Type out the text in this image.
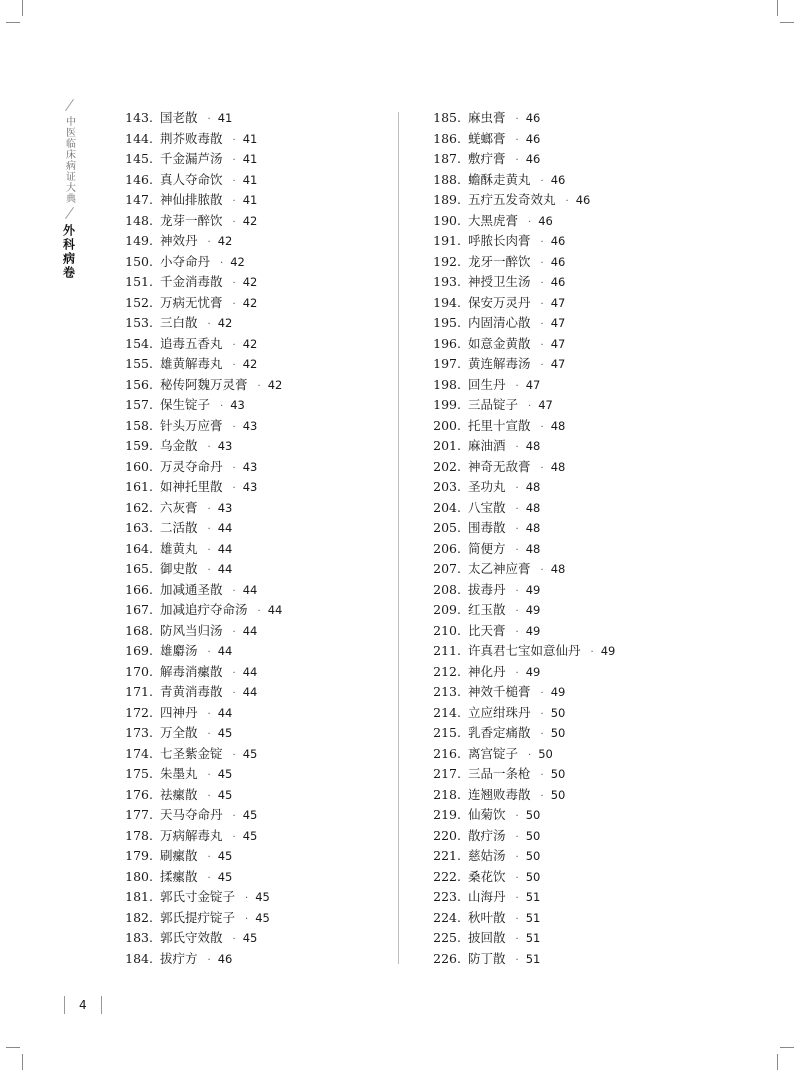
中医临床病证大典
外科病卷
143. 国老散 · 41
144. 荆芥败毒散 · 41
145. 千金漏芦汤 · 41
146. 真人夺命饮 · 41
147. 神仙排脓散 · 41
148. 龙芽一醉饮 · 42
149. 神效丹 · 42
150. 小夺命丹 · 42
151. 千金消毒散 · 42
152. 万病无忧膏 · 42
153. 三白散 · 42
154. 追毒五香丸 · 42
155. 雄黄解毒丸 · 42
156. 秘传阿魏万灵膏 · 42
157. 保生锭子 · 43
158. 针头万应膏 · 43
159. 乌金散 · 43
160. 万灵夺命丹 · 43
161. 如神托里散 · 43
162. 六灰膏 · 43
163. 二活散 · 44
164. 雄黄丸 · 44
165. 御史散 · 44
166. 加减通圣散 · 44
167. 加减追疔夺命汤 · 44
168. 防风当归汤 · 44
169. 雄麝汤 · 44
170. 解毒消瘰散 · 44
171. 青黄消毒散 · 44
172. 四神丹 · 44
173. 万全散 · 45
174. 七圣紫金锭 · 45
175. 朱墨丸 · 45
176. 祛瘰散 · 45
177. 天马夺命丹 · 45
178. 万病解毒丸 · 45
179. 刷瘰散 · 45
180. 揉瘰散 · 45
181. 郭氏寸金锭子 · 45
182. 郭氏提疔锭子 · 45
183. 郭氏守效散 · 45
184. 拔疔方 · 46
185. 麻虫膏 · 46
186. 蜣螂膏 · 46
187. 敷疔膏 · 46
188. 蟾酥走黄丸 · 46
189. 五疔五发奇效丸 · 46
190. 大黑虎膏 · 46
191. 呼脓长肉膏 · 46
192. 龙牙一醉饮 · 46
193. 神授卫生汤 · 46
194. 保安万灵丹 · 47
195. 内固清心散 · 47
196. 如意金黄散 · 47
197. 黄连解毒汤 · 47
198. 回生丹 · 47
199. 三品锭子 · 47
200. 托里十宣散 · 48
201. 麻油酒 · 48
202. 神奇无敌膏 · 48
203. 圣功丸 · 48
204. 八宝散 · 48
205. 围毒散 · 48
206. 简便方 · 48
207. 太乙神应膏 · 48
208. 拔毒丹 · 49
209. 红玉散 · 49
210. 比天膏 · 49
211. 许真君七宝如意仙丹 · 49
212. 神化丹 · 49
213. 神效千槌膏 · 49
214. 立应绀珠丹 · 50
215. 乳香定痛散 · 50
216. 离宫锭子 · 50
217. 三品一条枪 · 50
218. 连翘败毒散 · 50
219. 仙菊饮 · 50
220. 散疔汤 · 50
221. 慈姑汤 · 50
222. 桑花饮 · 50
223. 山海丹 · 51
224. 秋叶散 · 51
225. 披回散 · 51
226. 防丁散 · 51
4
